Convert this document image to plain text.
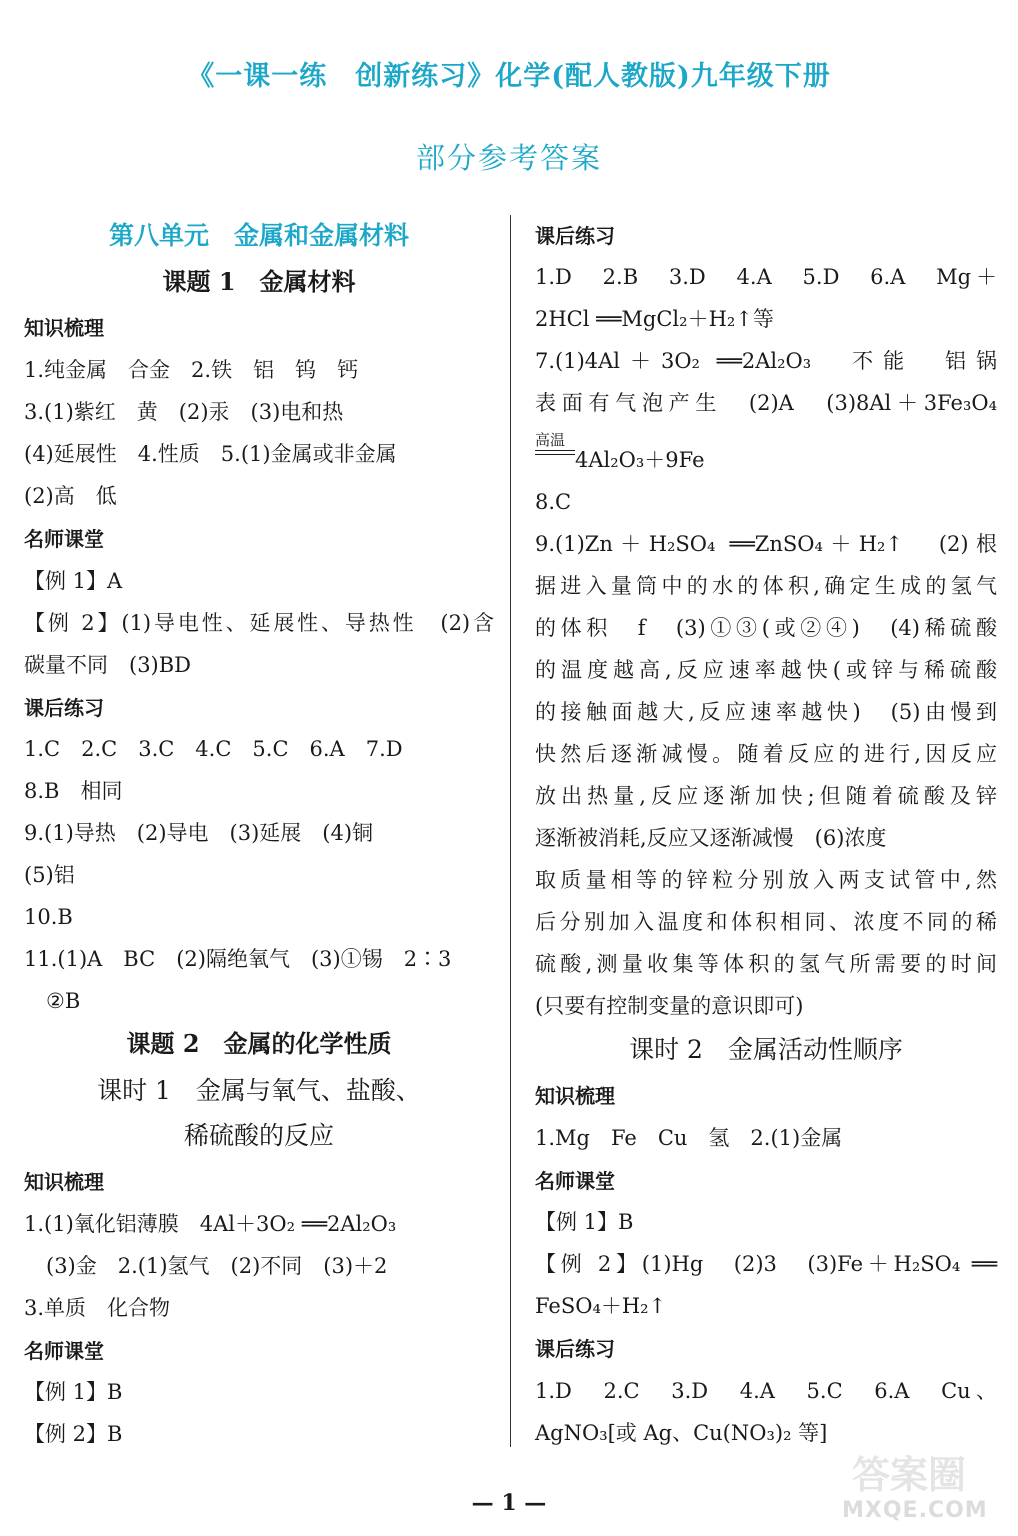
《一课一练　创新练习》化学(配人教版)九年级下册
部分参考答案
第八单元　金属和金属材料
课题 1　金属材料
知识梳理
1.纯金属　合金　2.铁　铝　钨　钙
3.(1)紫红　黄　(2)汞　(3)电和热
(4)延展性　4.性质　5.(1)金属或非金属
(2)高　低
名师课堂
【例 1】A
【例 2】(1)导电性、延展性、导热性　(2)含
碳量不同　(3)BD
课后练习
1.C　2.C　3.C　4.C　5.C　6.A　7.D
8.B　相同
9.(1)导热　(2)导电　(3)延展　(4)铜
(5)铝
10.B
11.(1)A　BC　(2)隔绝氧气　(3)①锡　2∶3
②B
课题 2　金属的化学性质
课时 1　金属与氧气、盐酸、
稀硫酸的反应
知识梳理
1.(1)氧化铝薄膜　4Al＋3O₂ ══2Al₂O₃
(3)金　2.(1)氢气　(2)不同　(3)＋2
3.单质　化合物
名师课堂
【例 1】B
【例 2】B
课后练习
1.D　2.B　3.D　4.A　5.D　6.A　Mg＋
2HCl ══MgCl₂＋H₂↑等
7.(1)4Al＋3O₂ ══2Al₂O₃　不能　铝锅
表面有气泡产生　(2)A　(3)8Al＋3Fe₃O₄
高温
4Al₂O₃＋9Fe
8.C
9.(1)Zn＋H₂SO₄ ══ZnSO₄＋H₂↑　(2)根
据进入量筒中的水的体积,确定生成的氢气
的体积　f　(3)①③(或②④)　(4)稀硫酸
的温度越高,反应速率越快(或锌与稀硫酸
的接触面越大,反应速率越快)　(5)由慢到
快然后逐渐减慢。随着反应的进行,因反应
放出热量,反应逐渐加快;但随着硫酸及锌
逐渐被消耗,反应又逐渐减慢　(6)浓度
取质量相等的锌粒分别放入两支试管中,然
后分别加入温度和体积相同、浓度不同的稀
硫酸,测量收集等体积的氢气所需要的时间
(只要有控制变量的意识即可)
课时 2　金属活动性顺序
知识梳理
1.Mg　Fe　Cu　氢　2.(1)金属
名师课堂
【例 1】B
【例 2】(1)Hg　(2)3　(3)Fe＋H₂SO₄ ══
FeSO₄＋H₂↑
课后练习
1.D　2.C　3.D　4.A　5.C　6.A　Cu、
AgNO₃[或 Ag、Cu(NO₃)₂ 等]
— 1 —
答案圈
MXQE.COM
